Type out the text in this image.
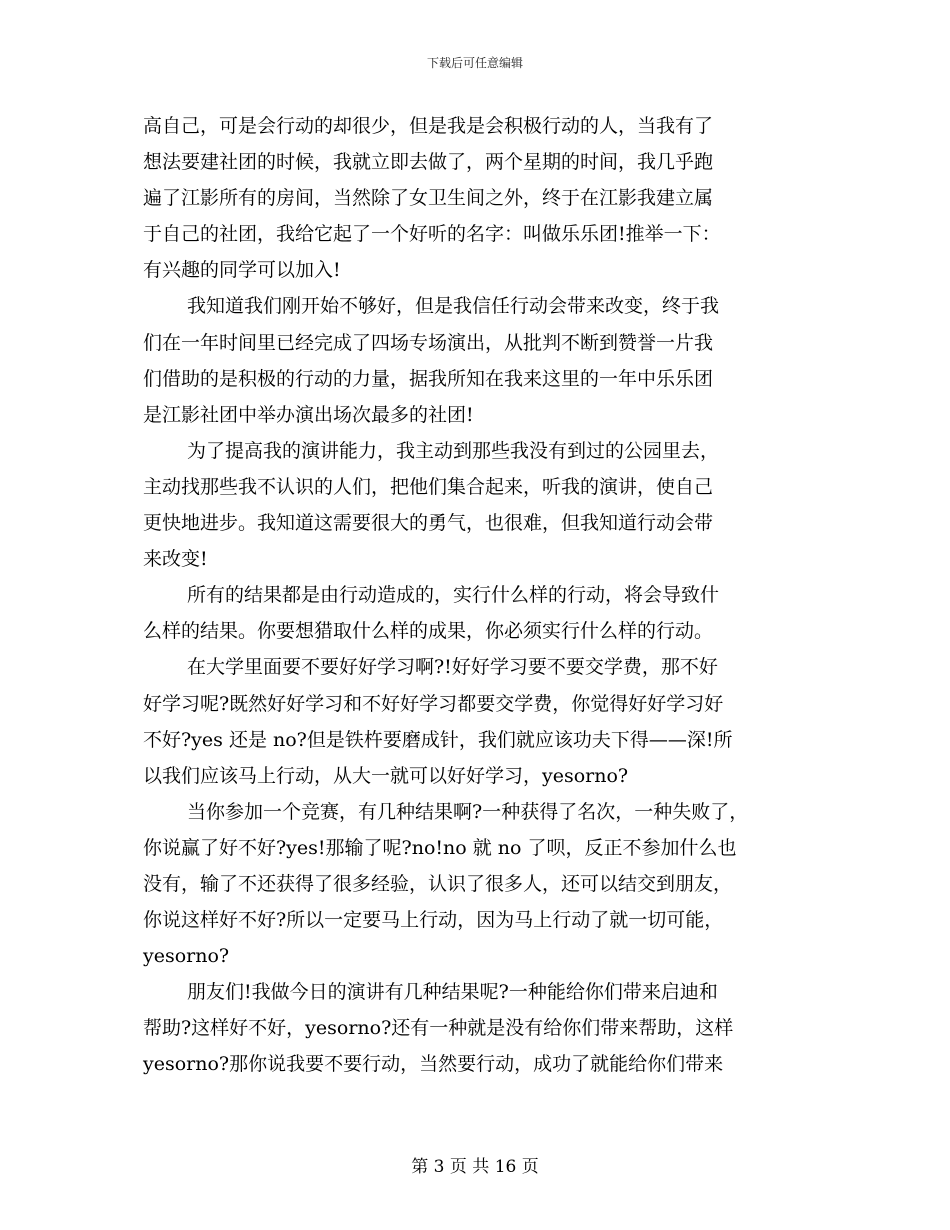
下载后可任意编辑
高自己，可是会行动的却很少，但是我是会积极行动的人，当我有了
想法要建社团的时候，我就立即去做了，两个星期的时间，我几乎跑
遍了江影所有的房间，当然除了女卫生间之外，终于在江影我建立属
于自己的社团，我给它起了一个好听的名字：叫做乐乐团!推举一下：
有兴趣的同学可以加入!
我知道我们刚开始不够好，但是我信任行动会带来改变，终于我
们在一年时间里已经完成了四场专场演出，从批判不断到赞誉一片我
们借助的是积极的行动的力量，据我所知在我来这里的一年中乐乐团
是江影社团中举办演出场次最多的社团!
为了提高我的演讲能力，我主动到那些我没有到过的公园里去，
主动找那些我不认识的人们，把他们集合起来，听我的演讲，使自己
更快地进步。我知道这需要很大的勇气，也很难，但我知道行动会带
来改变!
所有的结果都是由行动造成的，实行什么样的行动，将会导致什
么样的结果。你要想猎取什么样的成果，你必须实行什么样的行动。
在大学里面要不要好好学习啊?!好好学习要不要交学费，那不好
好学习呢?既然好好学习和不好好学习都要交学费，你觉得好好学习好
不好?yes 还是 no?但是铁杵要磨成针，我们就应该功夫下得——深!所
以我们应该马上行动，从大一就可以好好学习，yesorno?
当你参加一个竞赛，有几种结果啊?一种获得了名次，一种失败了，
你说赢了好不好?yes!那输了呢?no!no 就 no 了呗，反正不参加什么也
没有，输了不还获得了很多经验，认识了很多人，还可以结交到朋友，
你说这样好不好?所以一定要马上行动，因为马上行动了就一切可能，
yesorno?
朋友们!我做今日的演讲有几种结果呢?一种能给你们带来启迪和
帮助?这样好不好，yesorno?还有一种就是没有给你们带来帮助，这样
yesorno?那你说我要不要行动，当然要行动，成功了就能给你们带来
第 3 页 共 16 页
